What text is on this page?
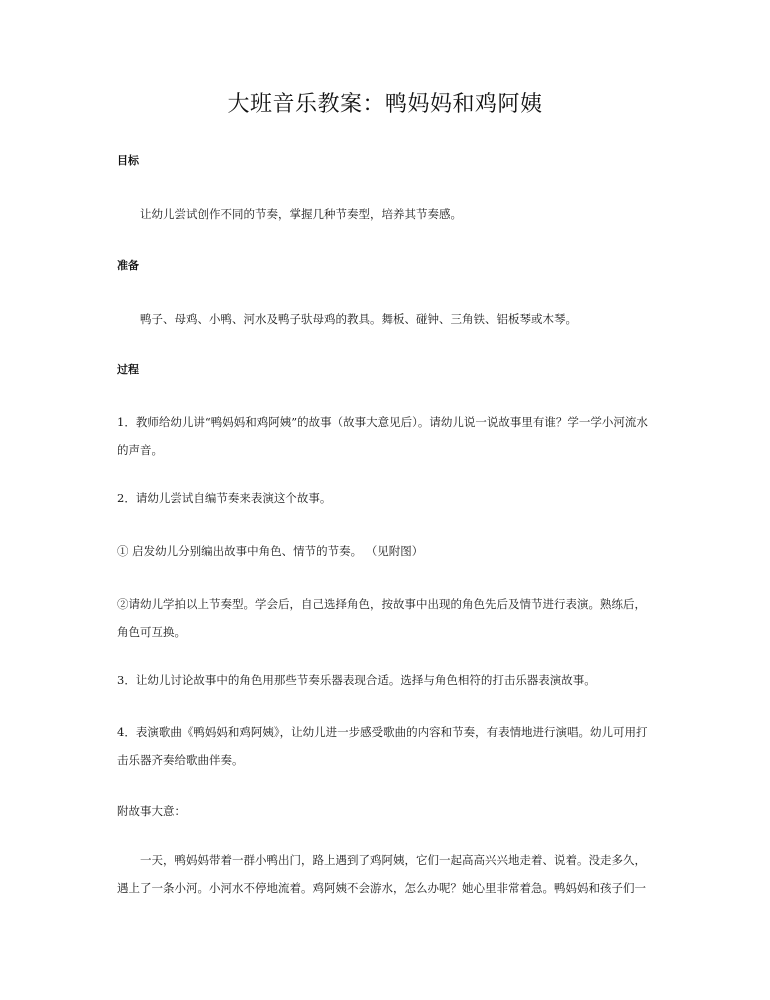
大班音乐教案：鸭妈妈和鸡阿姨
目标
让幼儿尝试创作不同的节奏，掌握几种节奏型，培养其节奏感。
准备
鸭子、母鸡、小鸭、河水及鸭子驮母鸡的教具。舞板、碰钟、三角铁、铝板琴或木琴。
过程
1．教师给幼儿讲“鸭妈妈和鸡阿姨”的故事（故事大意见后）。请幼儿说一说故事里有谁？学一学小河流水的声音。
2．请幼儿尝试自编节奏来表演这个故事。
① 启发幼儿分别编出故事中角色、情节的节奏。 （见附图）
②请幼儿学拍以上节奏型。学会后，自己选择角色，按故事中出现的角色先后及情节进行表演。熟练后，角色可互换。
3．让幼儿讨论故事中的角色用那些节奏乐器表现合适。选择与角色相符的打击乐器表演故事。
4．表演歌曲《鸭妈妈和鸡阿姨》，让幼儿进一步感受歌曲的内容和节奏，有表情地进行演唱。幼儿可用打击乐器齐奏给歌曲伴奏。
附故事大意：
一天，鸭妈妈带着一群小鸭出门，路上遇到了鸡阿姨，它们一起高高兴兴地走着、说着。没走多久，遇上了一条小河。小河水不停地流着。鸡阿姨不会游水，怎么办呢？她心里非常着急。鸭妈妈和孩子们一
